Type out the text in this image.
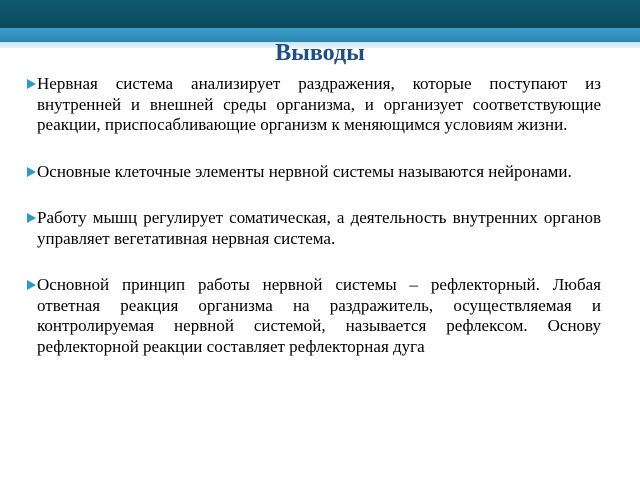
Выводы

Нервная система анализирует раздражения, которые поступают из внутренней и внешней среды организма, и организует соответствующие реакции, приспосабливающие организм к меняющимся условиям жизни.

Основные клеточные элементы нервной системы называются нейронами.

Работу мышц регулирует соматическая, а деятельность внутренних органов управляет вегетативная нервная система.

Основной принцип работы нервной системы – рефлекторный. Любая ответная реакция организма на раздражитель, осуществляемая и контролируемая нервной системой, называется рефлексом. Основу рефлекторной реакции составляет рефлекторная дуга
